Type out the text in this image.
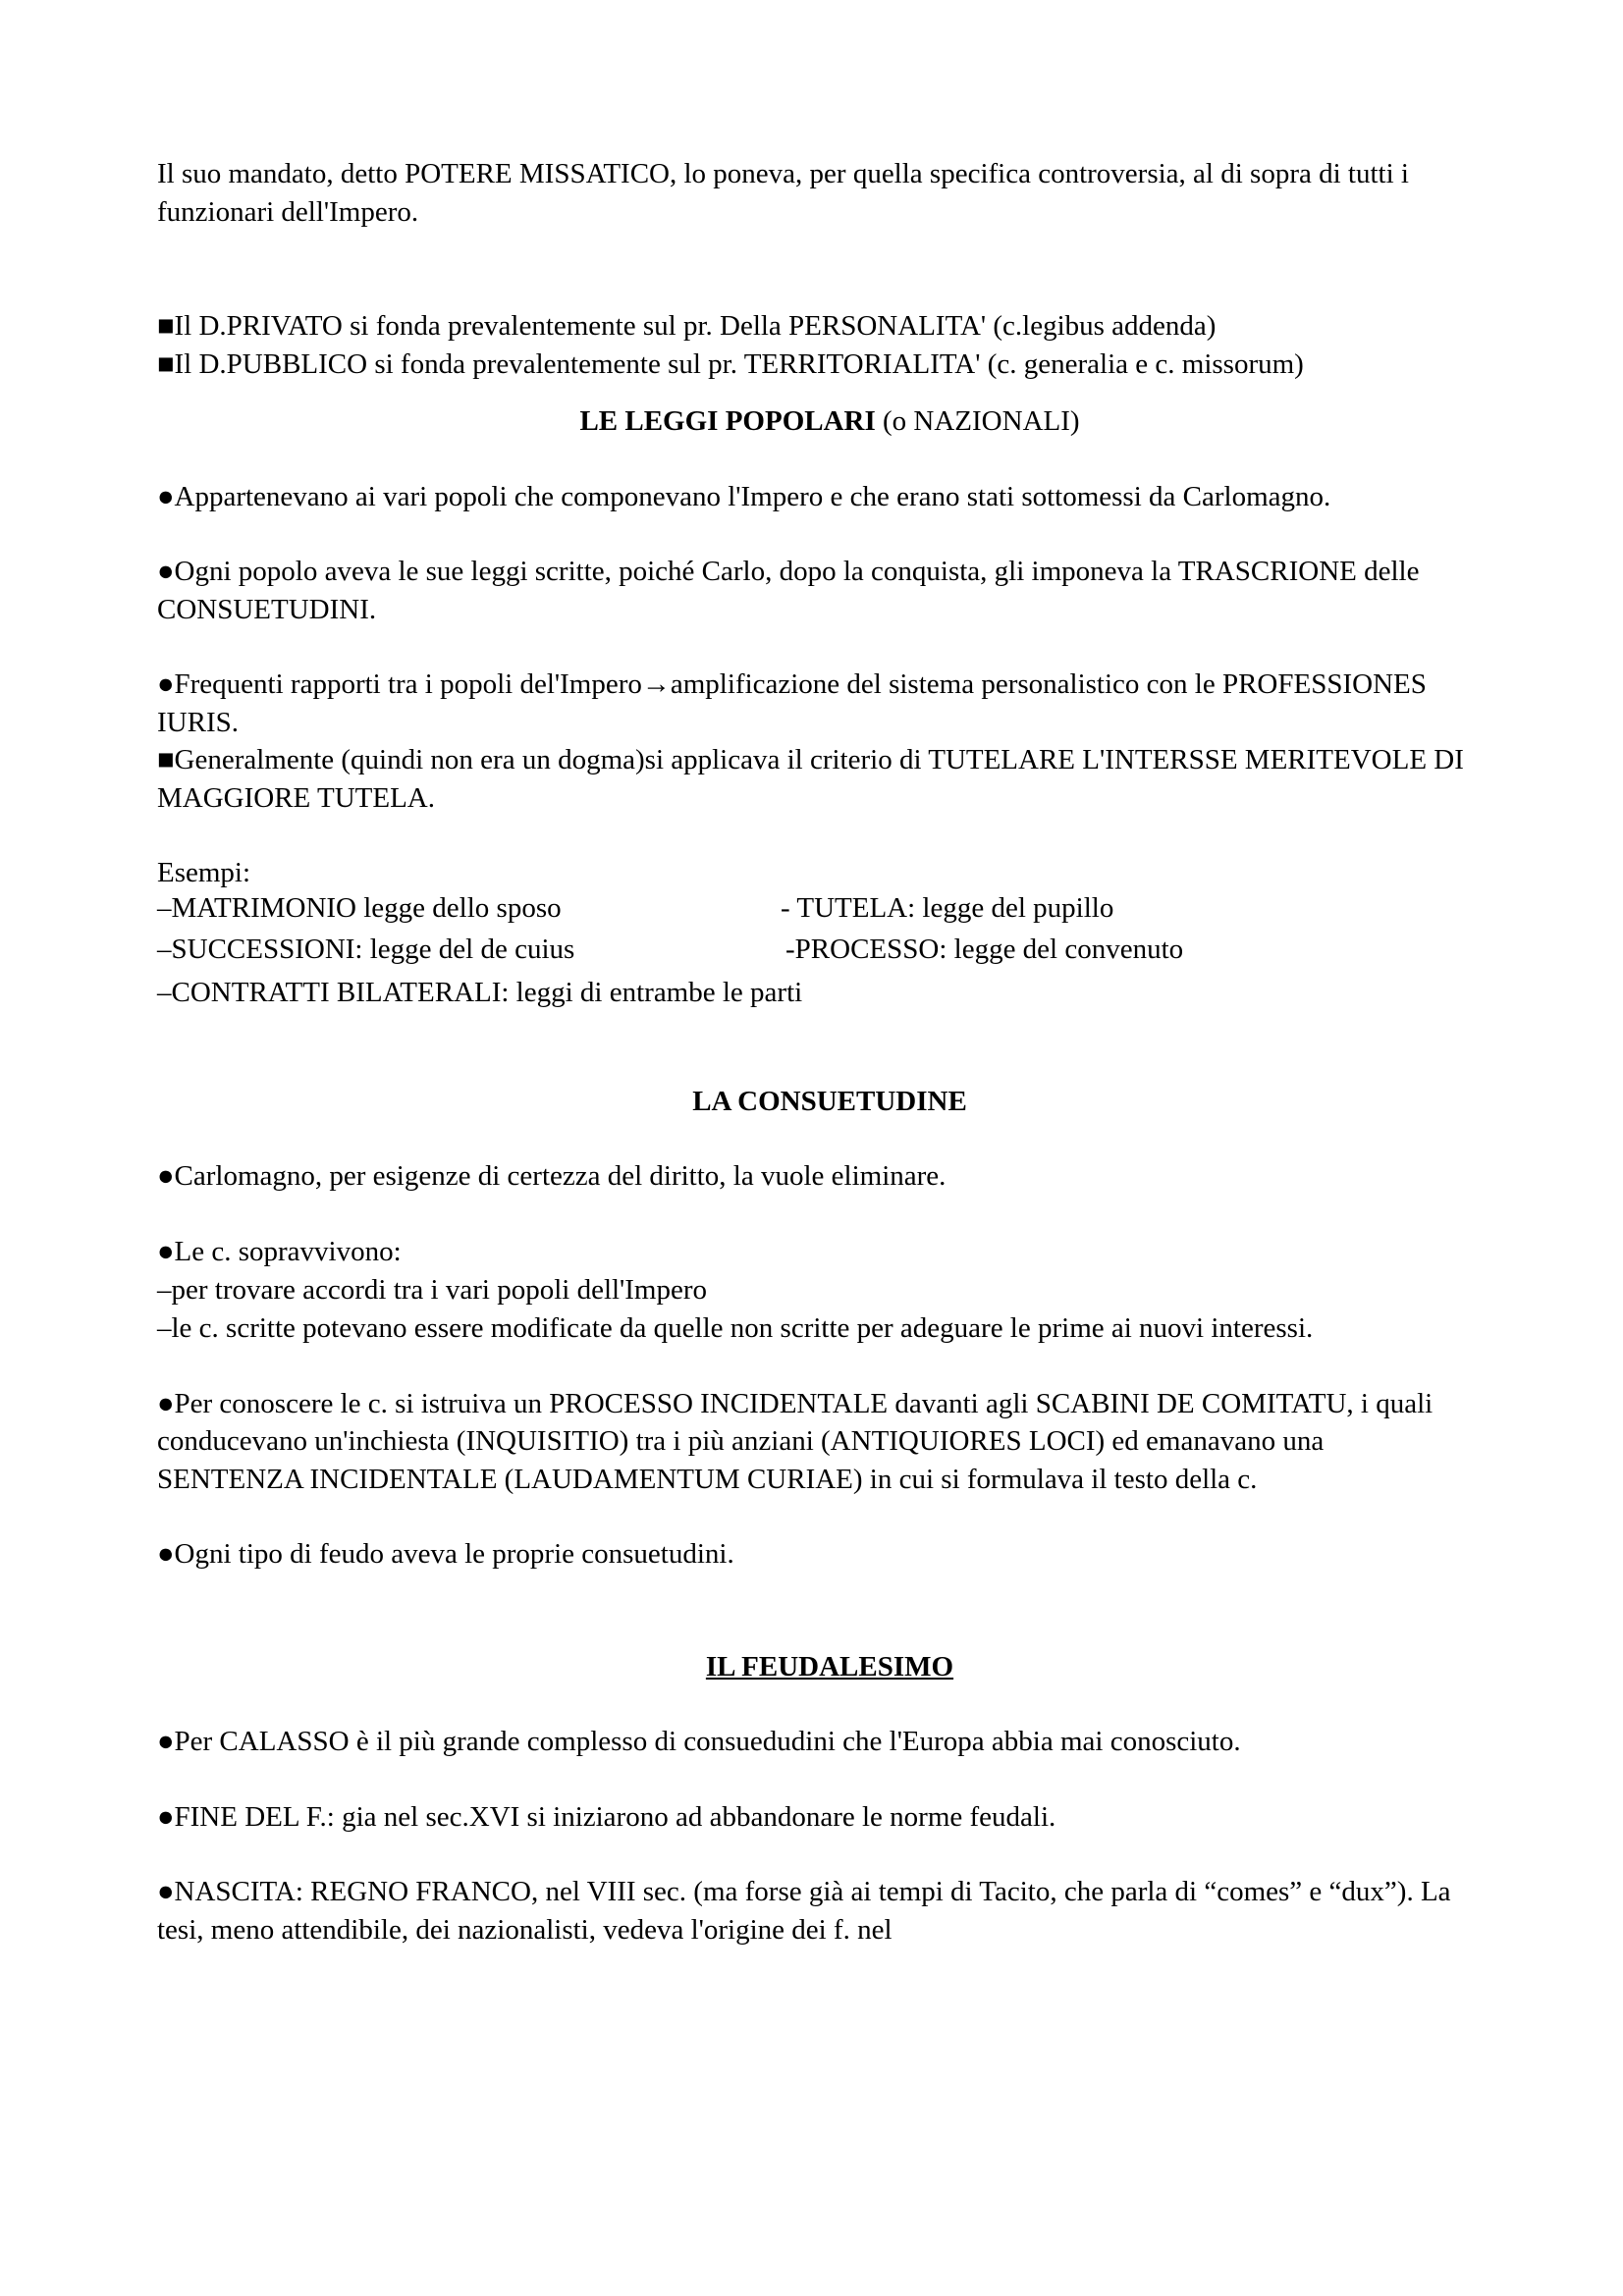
Il suo mandato, detto POTERE MISSATICO, lo poneva, per quella specifica controversia, al di sopra di tutti i funzionari dell'Impero.

■Il D.PRIVATO si fonda prevalentemente sul pr. Della PERSONALITA' (c.legibus addenda)

■Il D.PUBBLICO si fonda prevalentemente sul pr. TERRITORIALITA' (c. generalia e c. missorum)

LE LEGGI POPOLARI (o NAZIONALI)

●Appartenevano ai vari popoli che componevano l'Impero e che erano stati sottomessi da Carlomagno.

●Ogni popolo aveva le sue leggi scritte, poiché Carlo, dopo la conquista, gli imponeva la TRASCRIONE delle CONSUETUDINI.

●Frequenti rapporti tra i popoli del'Impero→amplificazione del sistema personalistico con le PROFESSIONES IURIS.

■Generalmente (quindi non era un dogma)si applicava il criterio di TUTELARE L'INTERSSE MERITEVOLE DI MAGGIORE TUTELA.

Esempi:

–MATRIMONIO legge dello sposo	- TUTELA: legge del pupillo
–SUCCESSIONI: legge del de cuius	-PROCESSO: legge del convenuto
–CONTRATTI BILATERALI: leggi di entrambe le parti

LA CONSUETUDINE

●Carlomagno, per esigenze di certezza del diritto, la vuole eliminare.

●Le c. sopravvivono:

–per trovare accordi tra i vari popoli dell'Impero

–le c. scritte potevano essere modificate da quelle non scritte per adeguare le prime ai nuovi interessi.

●Per conoscere le c. si istruiva un PROCESSO INCIDENTALE davanti agli SCABINI DE COMITATU, i quali conducevano un'inchiesta (INQUISITIO) tra i più anziani (ANTIQUIORES LOCI) ed emanavano una SENTENZA INCIDENTALE (LAUDAMENTUM CURIAE) in cui si formulava il testo della c.

●Ogni tipo di feudo aveva le proprie consuetudini.

IL FEUDALESIMO

●Per CALASSO è il più grande complesso di consuedudini che l'Europa abbia mai conosciuto.

●FINE DEL F.: gia nel sec.XVI si iniziarono ad abbandonare le norme feudali.

●NASCITA: REGNO FRANCO, nel VIII sec. (ma forse già ai tempi di Tacito, che parla di “comes” e “dux”). La tesi, meno attendibile, dei nazionalisti, vedeva l'origine dei f. nel
